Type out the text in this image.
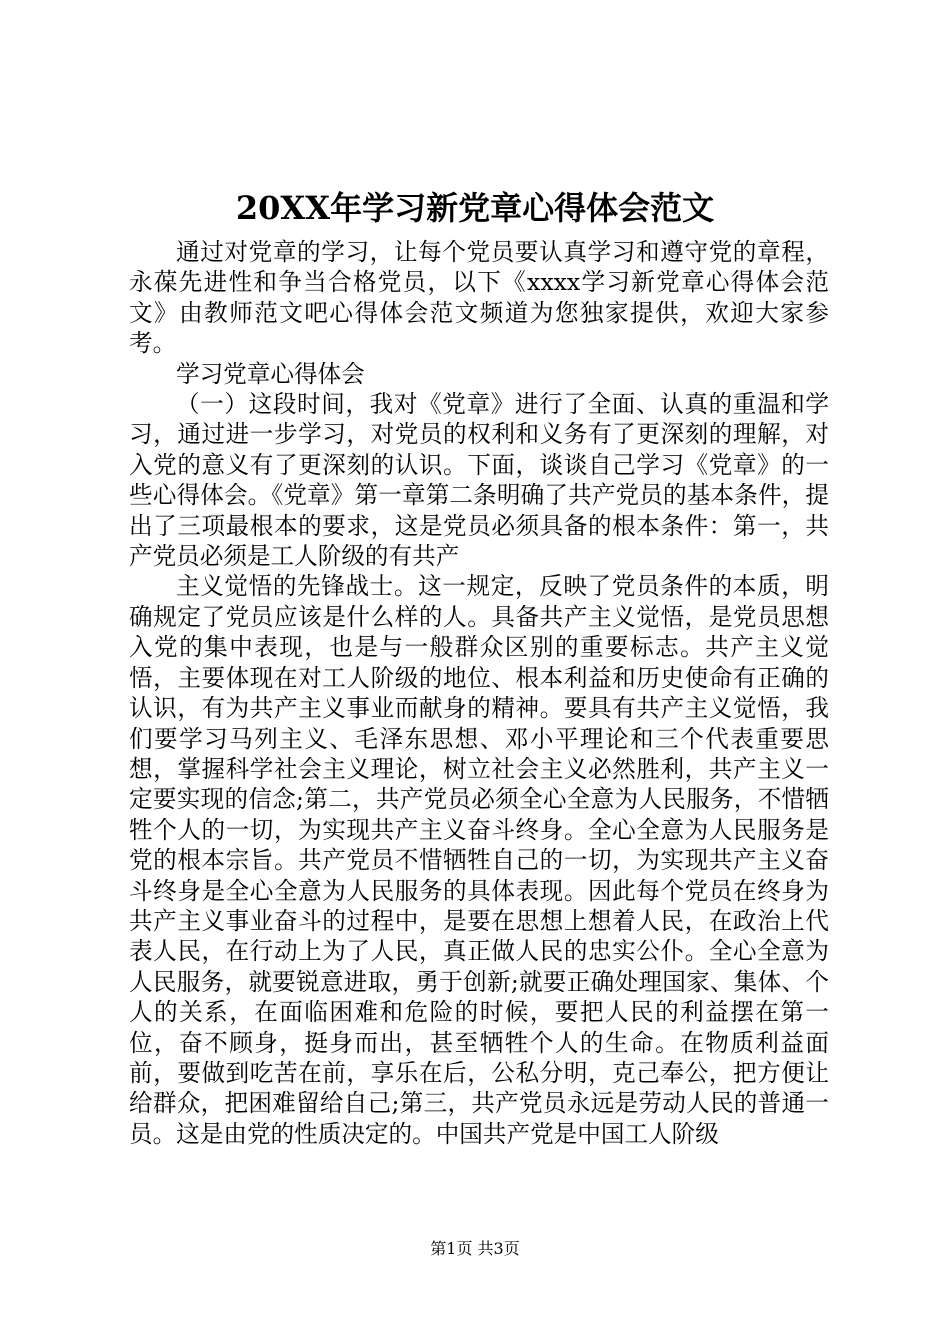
20XX年学习新党章心得体会范文

通过对党章的学习，让每个党员要认真学习和遵守党的章程，永葆先进性和争当合格党员，以下《xxxx学习新党章心得体会范文》由教师范文吧心得体会范文频道为您独家提供，欢迎大家参考。

学习党章心得体会

（一）这段时间，我对《党章》进行了全面、认真的重温和学习，通过进一步学习，对党员的权利和义务有了更深刻的理解，对入党的意义有了更深刻的认识。下面，谈谈自己学习《党章》的一些心得体会。《党章》第一章第二条明确了共产党员的基本条件，提出了三项最根本的要求，这是党员必须具备的根本条件：第一，共产党员必须是工人阶级的有共产

主义觉悟的先锋战士。这一规定，反映了党员条件的本质，明确规定了党员应该是什么样的人。具备共产主义觉悟，是党员思想入党的集中表现，也是与一般群众区别的重要标志。共产主义觉悟，主要体现在对工人阶级的地位、根本利益和历史使命有正确的认识，有为共产主义事业而献身的精神。要具有共产主义觉悟，我们要学习马列主义、毛泽东思想、邓小平理论和三个代表重要思想，掌握科学社会主义理论，树立社会主义必然胜利，共产主义一定要实现的信念;第二，共产党员必须全心全意为人民服务，不惜牺牲个人的一切，为实现共产主义奋斗终身。全心全意为人民服务是党的根本宗旨。共产党员不惜牺牲自己的一切，为实现共产主义奋斗终身是全心全意为人民服务的具体表现。因此每个党员在终身为共产主义事业奋斗的过程中，是要在思想上想着人民，在政治上代表人民，在行动上为了人民，真正做人民的忠实公仆。全心全意为人民服务，就要锐意进取，勇于创新;就要正确处理国家、集体、个人的关系，在面临困难和危险的时候，要把人民的利益摆在第一位，奋不顾身，挺身而出，甚至牺牲个人的生命。在物质利益面前，要做到吃苦在前，享乐在后，公私分明，克己奉公，把方便让给群众，把困难留给自己;第三，共产党员永远是劳动人民的普通一员。这是由党的性质决定的。中国共产党是中国工人阶级

第1页 共3页
